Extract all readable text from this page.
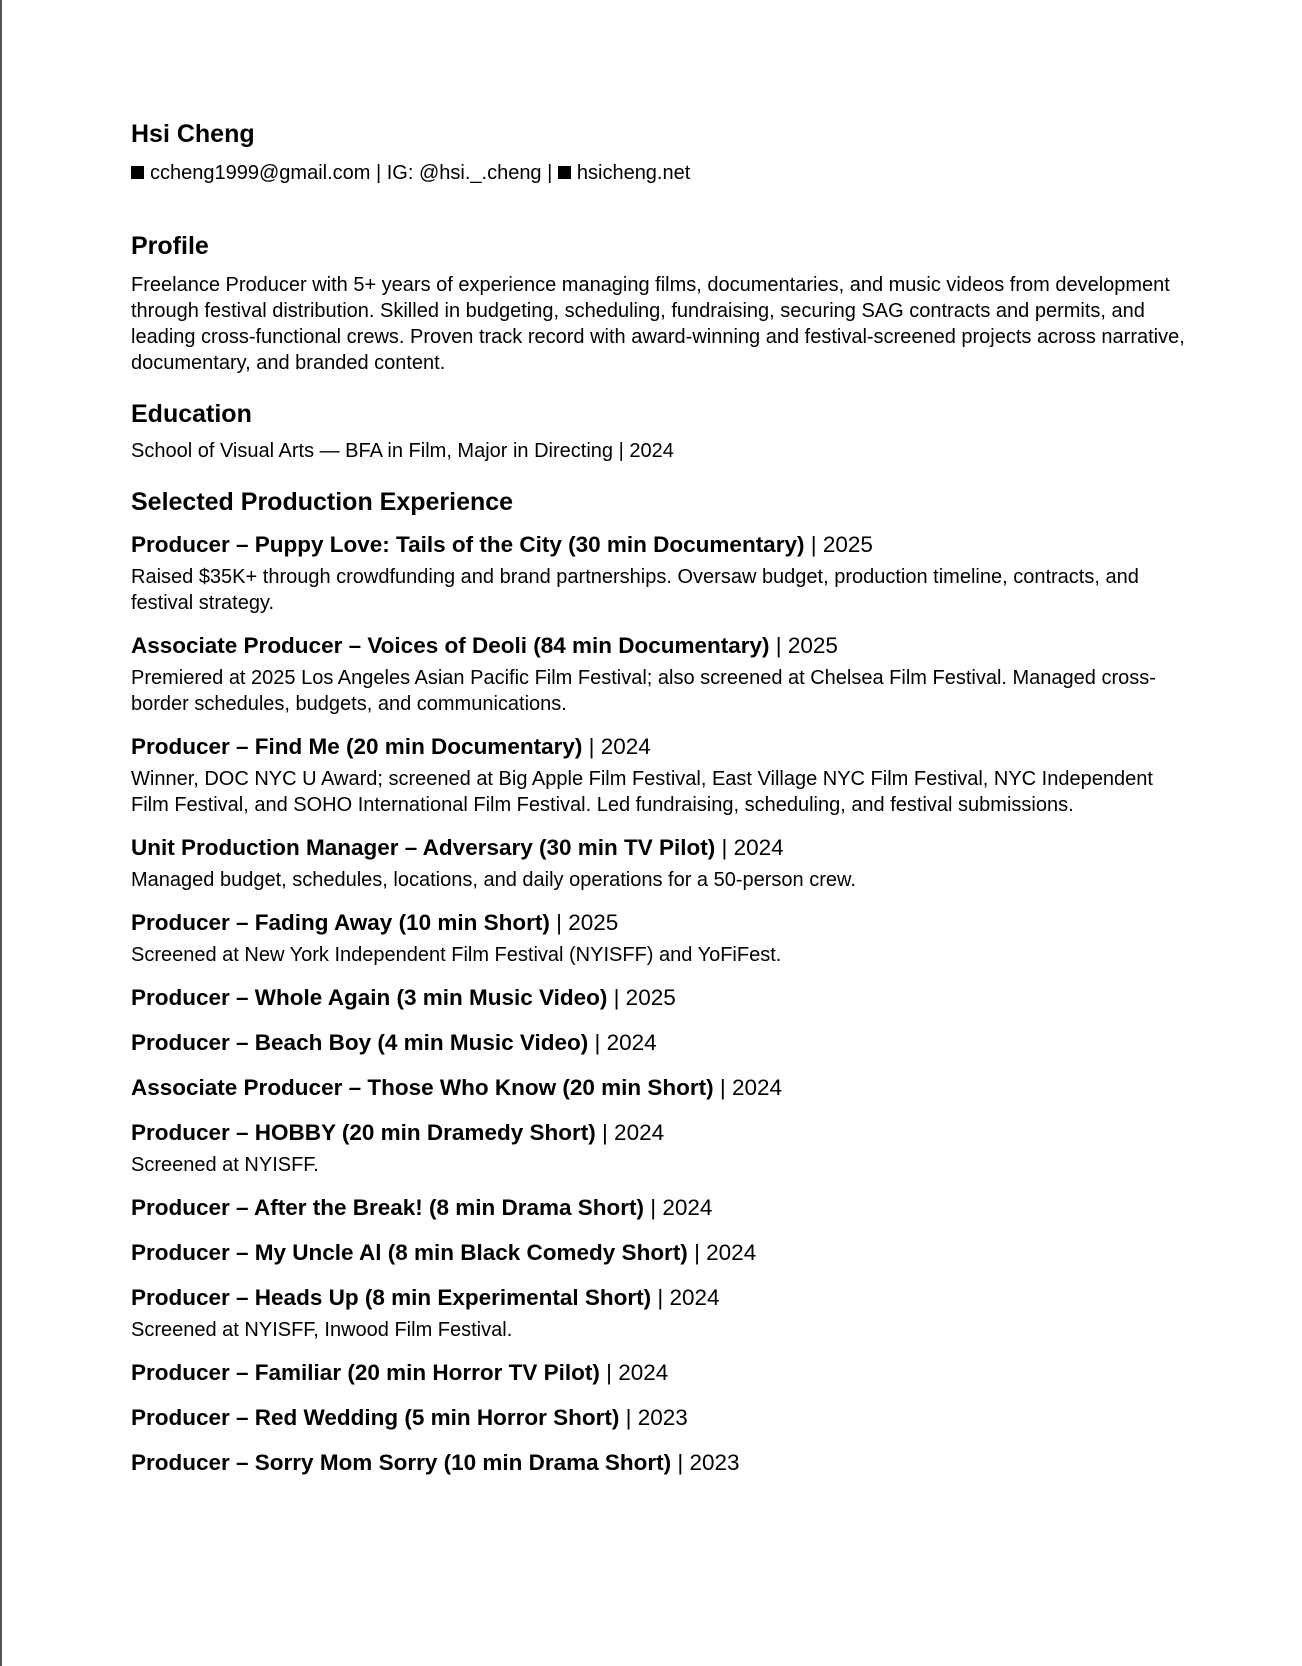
Hsi Cheng
ccheng1999@gmail.com | IG: @hsi._.cheng | hsicheng.net
Profile
Freelance Producer with 5+ years of experience managing films, documentaries, and music videos from development through festival distribution. Skilled in budgeting, scheduling, fundraising, securing SAG contracts and permits, and leading cross-functional crews. Proven track record with award-winning and festival-screened projects across narrative, documentary, and branded content.
Education
School of Visual Arts — BFA in Film, Major in Directing | 2024
Selected Production Experience
Producer – Puppy Love: Tails of the City (30 min Documentary) | 2025
Raised $35K+ through crowdfunding and brand partnerships. Oversaw budget, production timeline, contracts, and festival strategy.
Associate Producer – Voices of Deoli (84 min Documentary) | 2025
Premiered at 2025 Los Angeles Asian Pacific Film Festival; also screened at Chelsea Film Festival. Managed cross-border schedules, budgets, and communications.
Producer – Find Me (20 min Documentary) | 2024
Winner, DOC NYC U Award; screened at Big Apple Film Festival, East Village NYC Film Festival, NYC Independent Film Festival, and SOHO International Film Festival. Led fundraising, scheduling, and festival submissions.
Unit Production Manager – Adversary (30 min TV Pilot) | 2024
Managed budget, schedules, locations, and daily operations for a 50-person crew.
Producer – Fading Away (10 min Short) | 2025
Screened at New York Independent Film Festival (NYISFF) and YoFiFest.
Producer – Whole Again (3 min Music Video) | 2025
Producer – Beach Boy (4 min Music Video) | 2024
Associate Producer – Those Who Know (20 min Short) | 2024
Producer – HOBBY (20 min Dramedy Short) | 2024
Screened at NYISFF.
Producer – After the Break! (8 min Drama Short) | 2024
Producer – My Uncle Al (8 min Black Comedy Short) | 2024
Producer – Heads Up (8 min Experimental Short) | 2024
Screened at NYISFF, Inwood Film Festival.
Producer – Familiar (20 min Horror TV Pilot) | 2024
Producer – Red Wedding (5 min Horror Short) | 2023
Producer – Sorry Mom Sorry (10 min Drama Short) | 2023
